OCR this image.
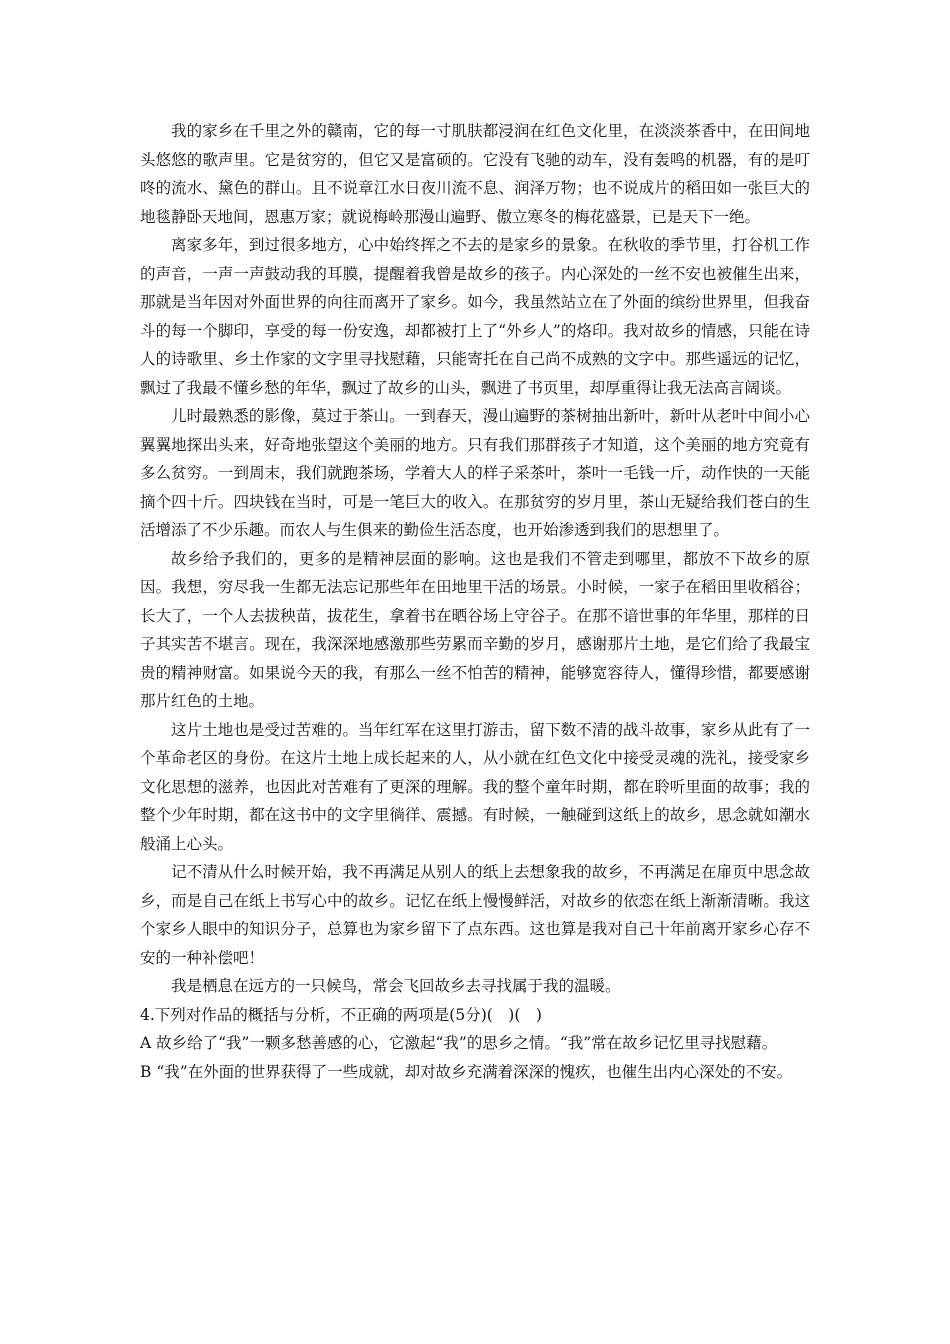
我的家乡在千里之外的赣南，它的每一寸肌肤都浸润在红色文化里，在淡淡茶香中，在田间地头悠悠的歌声里。它是贫穷的，但它又是富硕的。它没有飞驰的动车，没有轰鸣的机器，有的是叮咚的流水、黛色的群山。且不说章江水日夜川流不息、润泽万物；也不说成片的稻田如一张巨大的地毯静卧天地间，恩惠万家；就说梅岭那漫山遍野、傲立寒冬的梅花盛景，已是天下一绝。

离家多年，到过很多地方，心中始终挥之不去的是家乡的景象。在秋收的季节里，打谷机工作的声音，一声一声鼓动我的耳膜，提醒着我曾是故乡的孩子。内心深处的一丝不安也被催生出来，那就是当年因对外面世界的向往而离开了家乡。如今，我虽然站立在了外面的缤纷世界里，但我奋斗的每一个脚印，享受的每一份安逸，却都被打上了“外乡人”的烙印。我对故乡的情感，只能在诗人的诗歌里、乡土作家的文字里寻找慰藉，只能寄托在自己尚不成熟的文字中。那些遥远的记忆，飘过了我最不懂乡愁的年华，飘过了故乡的山头，飘进了书页里，却厚重得让我无法高言阔谈。

儿时最熟悉的影像，莫过于茶山。一到春天，漫山遍野的茶树抽出新叶，新叶从老叶中间小心翼翼地探出头来，好奇地张望这个美丽的地方。只有我们那群孩子才知道，这个美丽的地方究竟有多么贫穷。一到周末，我们就跑茶场，学着大人的样子采茶叶，茶叶一毛钱一斤，动作快的一天能摘个四十斤。四块钱在当时，可是一笔巨大的收入。在那贫穷的岁月里，茶山无疑给我们苍白的生活增添了不少乐趣。而农人与生俱来的勤俭生活态度，也开始渗透到我们的思想里了。

故乡给予我们的，更多的是精神层面的影响。这也是我们不管走到哪里，都放不下故乡的原因。我想，穷尽我一生都无法忘记那些年在田地里干活的场景。小时候，一家子在稻田里收稻谷；长大了，一个人去拔秧苗，拔花生，拿着书在晒谷场上守谷子。在那不谙世事的年华里，那样的日子其实苦不堪言。现在，我深深地感激那些劳累而辛勤的岁月，感谢那片土地，是它们给了我最宝贵的精神财富。如果说今天的我，有那么一丝不怕苦的精神，能够宽容待人，懂得珍惜，都要感谢那片红色的土地。

这片土地也是受过苦难的。当年红军在这里打游击，留下数不清的战斗故事，家乡从此有了一个革命老区的身份。在这片土地上成长起来的人，从小就在红色文化中接受灵魂的洗礼，接受家乡文化思想的滋养，也因此对苦难有了更深的理解。我的整个童年时期，都在聆听里面的故事；我的整个少年时期，都在这书中的文字里徜徉、震撼。有时候，一触碰到这纸上的故乡，思念就如潮水般涌上心头。

记不清从什么时候开始，我不再满足从别人的纸上去想象我的故乡，不再满足在扉页中思念故乡，而是自己在纸上书写心中的故乡。记忆在纸上慢慢鲜活，对故乡的依恋在纸上渐渐清晰。我这个家乡人眼中的知识分子，总算也为家乡留下了点东西。这也算是我对自己十年前离开家乡心存不安的一种补偿吧！

我是栖息在远方的一只候鸟，常会飞回故乡去寻找属于我的温暖。

4.下列对作品的概括与分析，不正确的两项是(5分)(　)(　)

A 故乡给了“我”一颗多愁善感的心，它激起“我”的思乡之情。“我”常在故乡记忆里寻找慰藉。

B “我”在外面的世界获得了一些成就，却对故乡充满着深深的愧疚，也催生出内心深处的不安。
